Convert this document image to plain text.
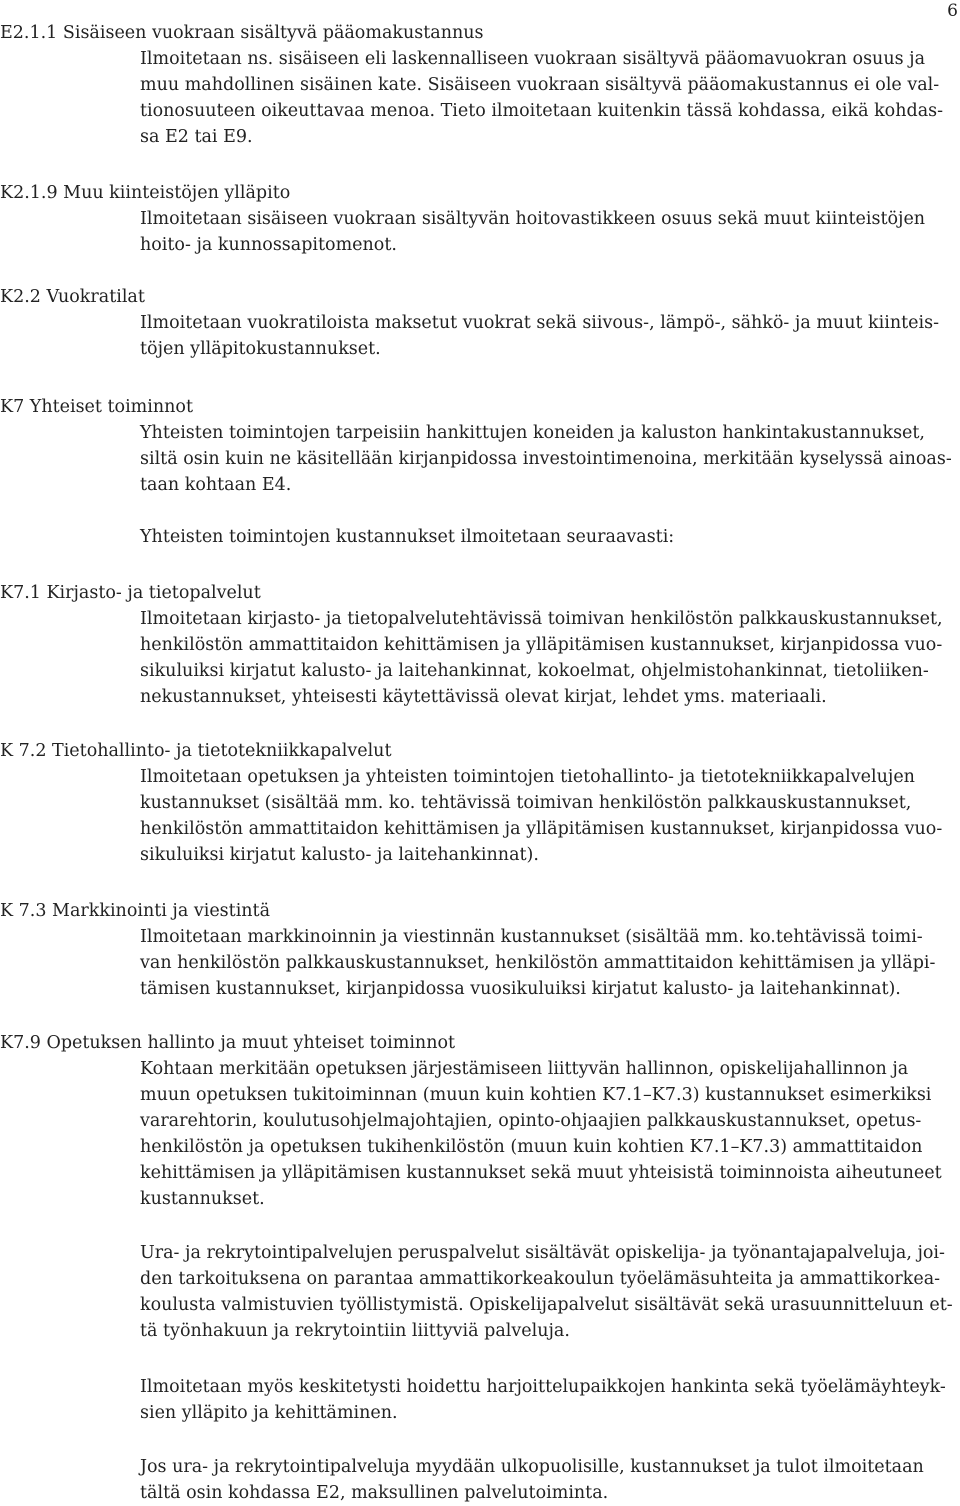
6
E2.1.1 Sisäiseen vuokraan sisältyvä pääomakustannus
Ilmoitetaan ns. sisäiseen eli laskennalliseen vuokraan sisältyvä pääomavuokran osuus ja
muu mahdollinen sisäinen kate. Sisäiseen vuokraan sisältyvä pääomakustannus ei ole val-
tionosuuteen oikeuttavaa menoa. Tieto ilmoitetaan kuitenkin tässä kohdassa, eikä kohdas-
sa E2 tai E9.
K2.1.9 Muu kiinteistöjen ylläpito
Ilmoitetaan sisäiseen vuokraan sisältyvän hoitovastikkeen osuus sekä muut kiinteistöjen
hoito- ja kunnossapitomenot.
K2.2 Vuokratilat
Ilmoitetaan vuokratiloista maksetut vuokrat sekä siivous-, lämpö-, sähkö- ja muut kiinteis-
töjen ylläpitokustannukset.
K7 Yhteiset toiminnot
Yhteisten toimintojen tarpeisiin hankittujen koneiden ja kaluston hankintakustannukset,
siltä osin kuin ne käsitellään kirjanpidossa investointimenoina, merkitään kyselyssä ainoas-
taan kohtaan E4.
Yhteisten toimintojen kustannukset ilmoitetaan seuraavasti:
K7.1 Kirjasto- ja tietopalvelut
Ilmoitetaan kirjasto- ja tietopalvelutehtävissä toimivan henkilöstön palkkauskustannukset,
henkilöstön ammattitaidon kehittämisen ja ylläpitämisen kustannukset, kirjanpidossa vuo-
sikuluiksi kirjatut kalusto- ja laitehankinnat, kokoelmat, ohjelmistohankinnat, tietoliiken-
nekustannukset, yhteisesti käytettävissä olevat kirjat, lehdet yms. materiaali.
K 7.2 Tietohallinto- ja tietotekniikkapalvelut
Ilmoitetaan opetuksen ja yhteisten toimintojen tietohallinto- ja tietotekniikkapalvelujen
kustannukset (sisältää mm. ko. tehtävissä toimivan henkilöstön palkkauskustannukset,
henkilöstön ammattitaidon kehittämisen ja ylläpitämisen kustannukset, kirjanpidossa vuo-
sikuluiksi kirjatut kalusto- ja laitehankinnat).
K 7.3 Markkinointi ja viestintä
Ilmoitetaan markkinoinnin ja viestinnän kustannukset (sisältää mm. ko.tehtävissä toimi-
van henkilöstön palkkauskustannukset, henkilöstön ammattitaidon kehittämisen ja ylläpi-
tämisen kustannukset, kirjanpidossa vuosikuluiksi kirjatut kalusto- ja laitehankinnat).
K7.9 Opetuksen hallinto ja muut yhteiset toiminnot
Kohtaan merkitään opetuksen järjestämiseen liittyvän hallinnon, opiskelijahallinnon ja
muun opetuksen tukitoiminnan (muun kuin kohtien K7.1–K7.3) kustannukset esimerkiksi
vararehtorin, koulutusohjelmajohtajien, opinto-ohjaajien palkkauskustannukset, opetus-
henkilöstön ja opetuksen tukihenkilöstön (muun kuin kohtien K7.1–K7.3) ammattitaidon
kehittämisen ja ylläpitämisen kustannukset sekä muut yhteisistä toiminnoista aiheutuneet
kustannukset.
Ura- ja rekrytointipalvelujen peruspalvelut sisältävät opiskelija- ja työnantajapalveluja, joi-
den tarkoituksena on parantaa ammattikorkeakoulun työelämäsuhteita ja ammattikorkea-
koulusta valmistuvien työllistymistä. Opiskelijapalvelut sisältävät sekä urasuunnitteluun et-
tä työnhakuun ja rekrytointiin liittyviä palveluja.
Ilmoitetaan myös keskitetysti hoidettu harjoittelupaikkojen hankinta sekä työelämäyhteyk-
sien ylläpito ja kehittäminen.
Jos ura- ja rekrytointipalveluja myydään ulkopuolisille, kustannukset ja tulot ilmoitetaan
tältä osin kohdassa E2, maksullinen palvelutoiminta.
